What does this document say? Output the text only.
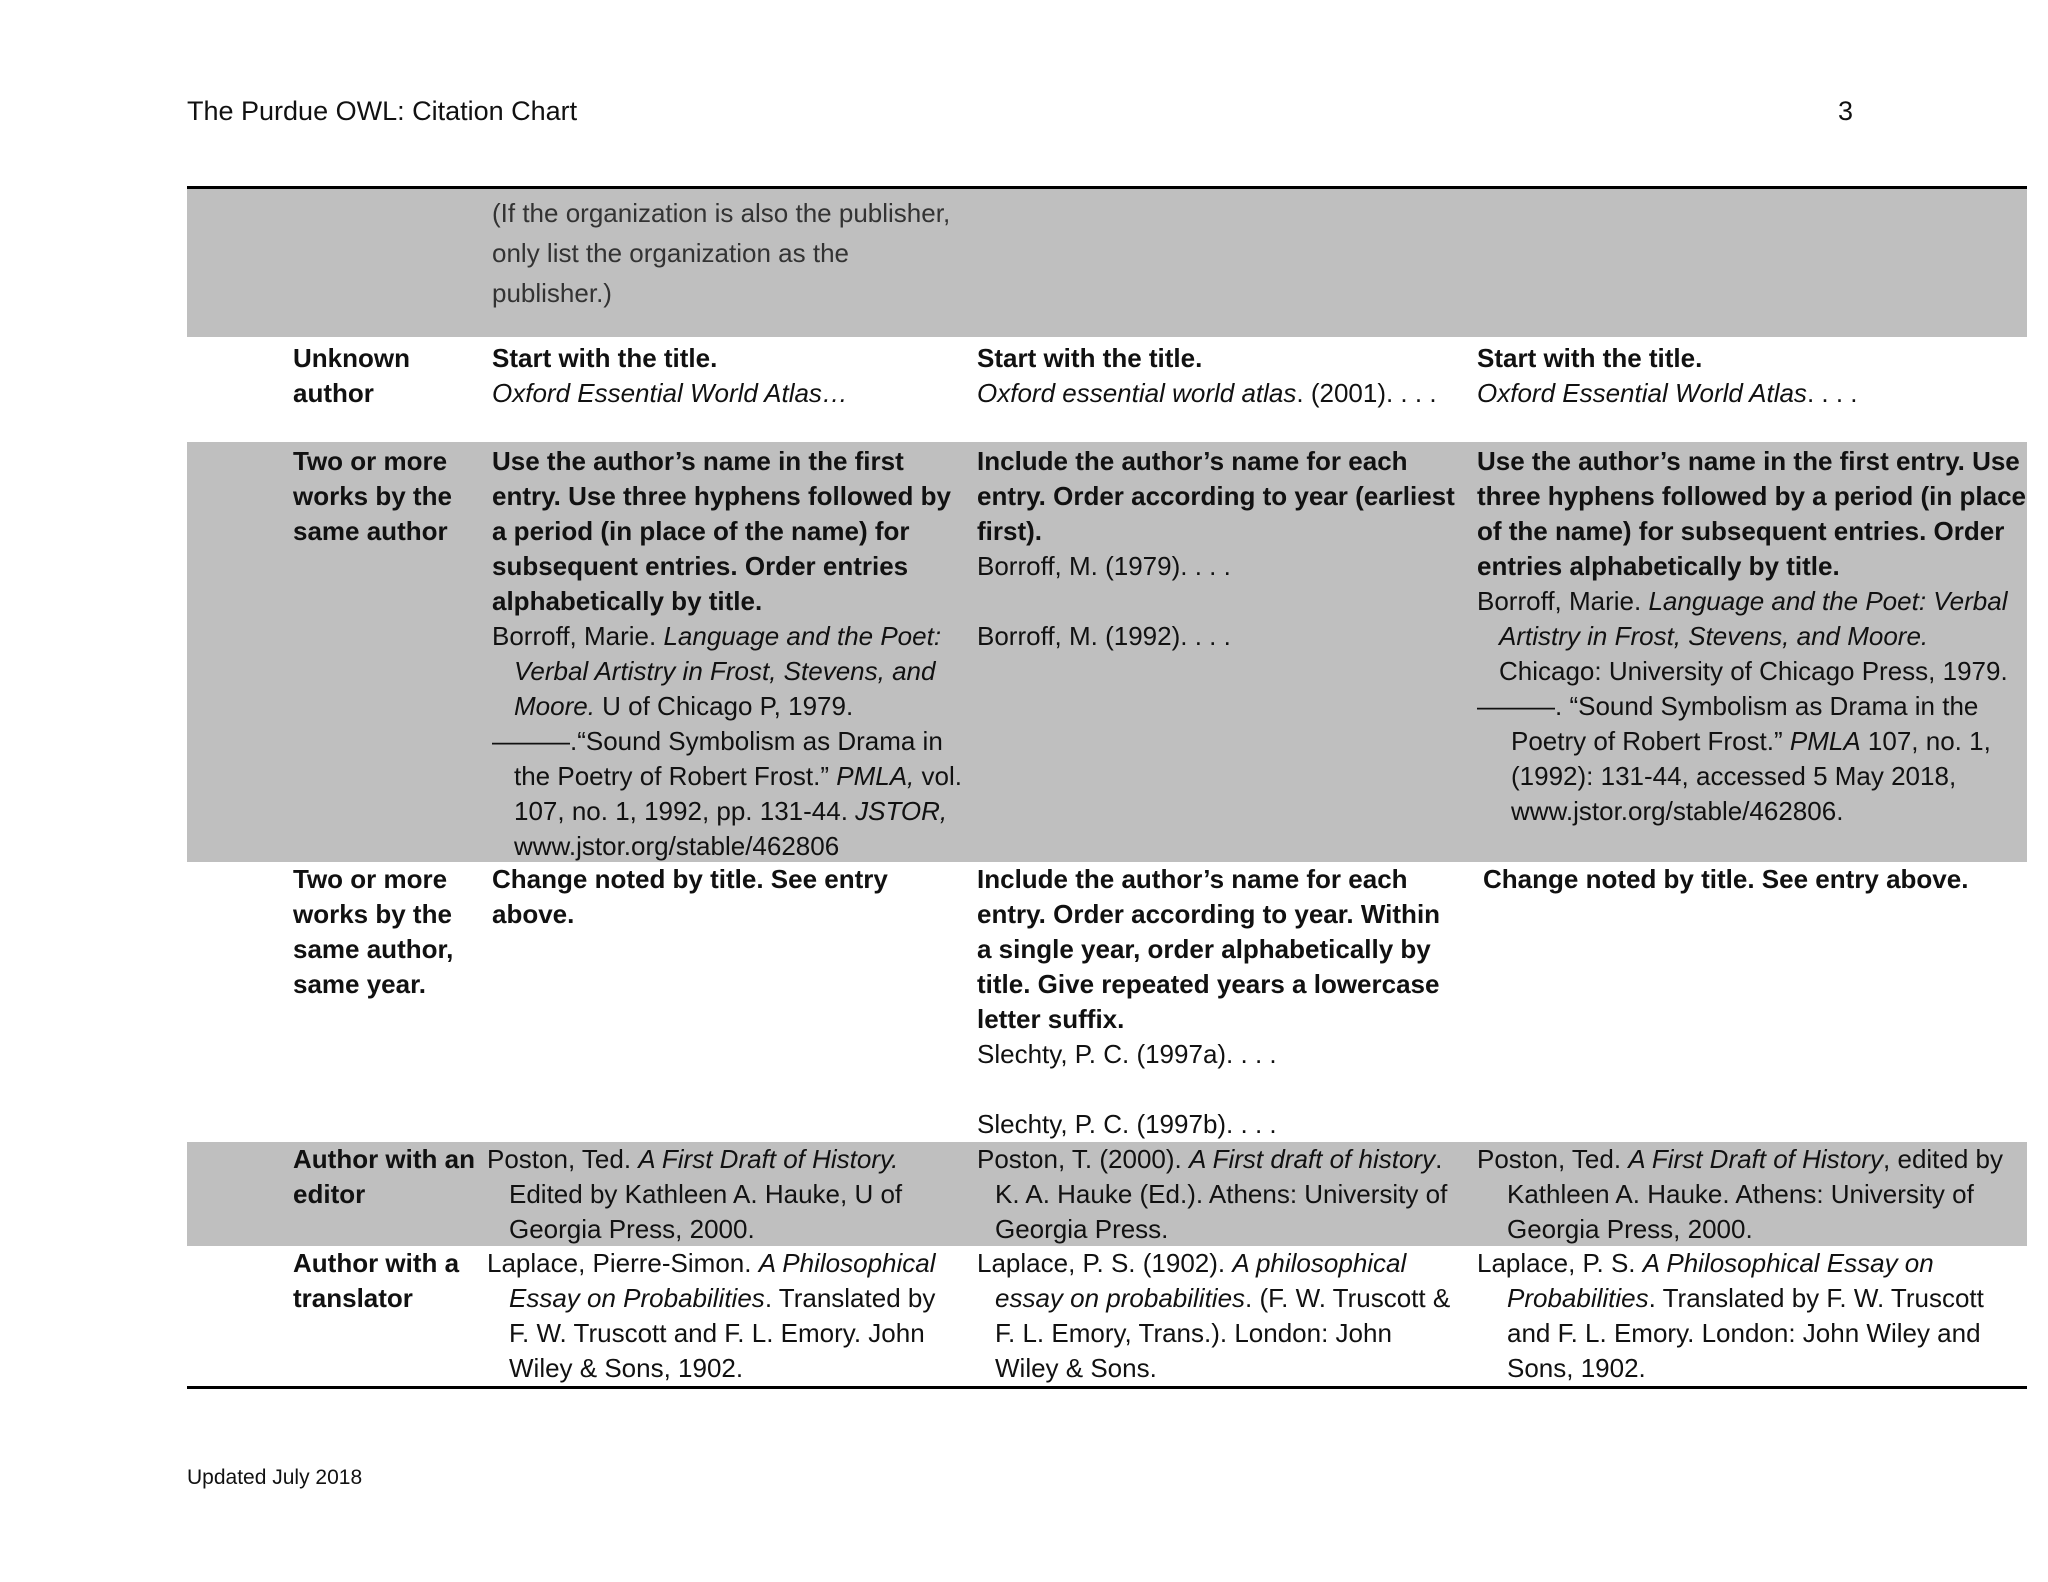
The Purdue OWL: Citation Chart	3
(If the organization is also the publisher, only list the organization as the publisher.)
Unknown author
Start with the title.
Oxford Essential World Atlas…
Start with the title.
Oxford essential world atlas. (2001). . . .
Start with the title.
Oxford Essential World Atlas. . . .
Two or more works by the same author
Use the author’s name in the first entry. Use three hyphens followed by a period (in place of the name) for subsequent entries. Order entries alphabetically by title.
Borroff, Marie. Language and the Poet: Verbal Artistry in Frost, Stevens, and Moore. U of Chicago P, 1979.
———.“Sound Symbolism as Drama in the Poetry of Robert Frost.” PMLA, vol. 107, no. 1, 1992, pp. 131-44. JSTOR, www.jstor.org/stable/462806
Include the author’s name for each entry. Order according to year (earliest first).
Borroff, M. (1979). . . .
Borroff, M. (1992). . . .
Use the author’s name in the first entry. Use three hyphens followed by a period (in place of the name) for subsequent entries. Order entries alphabetically by title.
Borroff, Marie. Language and the Poet: Verbal Artistry in Frost, Stevens, and Moore. Chicago: University of Chicago Press, 1979.
———. “Sound Symbolism as Drama in the Poetry of Robert Frost.” PMLA 107, no. 1, (1992): 131-44, accessed 5 May 2018, www.jstor.org/stable/462806.
Two or more works by the same author, same year.
Change noted by title. See entry above.
Include the author’s name for each entry. Order according to year. Within a single year, order alphabetically by title. Give repeated years a lowercase letter suffix.
Slechty, P. C. (1997a). . . .
Slechty, P. C. (1997b). . . .
Change noted by title. See entry above.
Author with an editor
Poston, Ted. A First Draft of History. Edited by Kathleen A. Hauke, U of Georgia Press, 2000.
Poston, T. (2000). A First draft of history. K. A. Hauke (Ed.). Athens: University of Georgia Press.
Poston, Ted. A First Draft of History, edited by Kathleen A. Hauke. Athens: University of Georgia Press, 2000.
Author with a translator
Laplace, Pierre-Simon. A Philosophical Essay on Probabilities. Translated by F. W. Truscott and F. L. Emory. John Wiley & Sons, 1902.
Laplace, P. S. (1902). A philosophical essay on probabilities. (F. W. Truscott & F. L. Emory, Trans.). London: John Wiley & Sons.
Laplace, P. S. A Philosophical Essay on Probabilities. Translated by F. W. Truscott and F. L. Emory. London: John Wiley and Sons, 1902.
Updated July 2018
